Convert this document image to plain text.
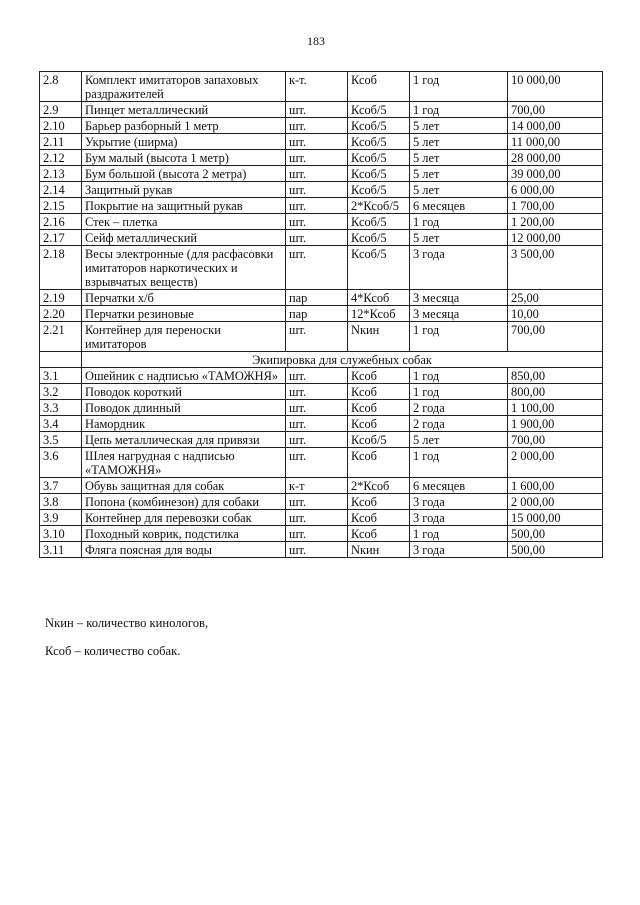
183
2.8	Комплект имитаторов запаховых раздражителей	к-т.	Ксоб	1 год	10 000,00
2.9	Пинцет металлический	шт.	Ксоб/5	1 год	700,00
2.10	Барьер разборный 1 метр	шт.	Ксоб/5	5 лет	14 000,00
2.11	Укрытие (ширма)	шт.	Ксоб/5	5 лет	11 000,00
2.12	Бум малый (высота 1 метр)	шт.	Ксоб/5	5 лет	28 000,00
2.13	Бум большой (высота 2 метра)	шт.	Ксоб/5	5 лет	39 000,00
2.14	Защитный рукав	шт.	Ксоб/5	5 лет	6 000,00
2.15	Покрытие на защитный рукав	шт.	2*Ксоб/5	6 месяцев	1 700,00
2.16	Стек – плетка	шт.	Ксоб/5	1 год	1 200,00
2.17	Сейф металлический	шт.	Ксоб/5	5 лет	12 000,00
2.18	Весы электронные (для расфасовки имитаторов наркотических и взрывчатых веществ)	шт.	Ксоб/5	3 года	3 500,00
2.19	Перчатки х/б	пар	4*Ксоб	3 месяца	25,00
2.20	Перчатки резиновые	пар	12*Ксоб	3 месяца	10,00
2.21	Контейнер для переноски имитаторов	шт.	Nкин	1 год	700,00
	Экипировка для служебных собак				
3.1	Ошейник с надписью «ТАМОЖНЯ»	шт.	Ксоб	1 год	850,00
3.2	Поводок короткий	шт.	Ксоб	1 год	800,00
3.3	Поводок длинный	шт.	Ксоб	2 года	1 100,00
3.4	Намордник	шт.	Ксоб	2 года	1 900,00
3.5	Цепь металлическая для привязи	шт.	Ксоб/5	5 лет	700,00
3.6	Шлея нагрудная с надписью «ТАМОЖНЯ»	шт.	Ксоб	1 год	2 000,00
3.7	Обувь защитная для собак	к-т	2*Ксоб	6 месяцев	1 600,00
3.8	Попона (комбинезон) для собаки	шт.	Ксоб	3 года	2 000,00
3.9	Контейнер для перевозки собак	шт.	Ксоб	3 года	15 000,00
3.10	Походный коврик, подстилка	шт.	Ксоб	1 год	500,00
3.11	Фляга поясная для воды	шт.	Nкин	3 года	500,00
Nкин – количество кинологов,
Ксоб – количество собак.
